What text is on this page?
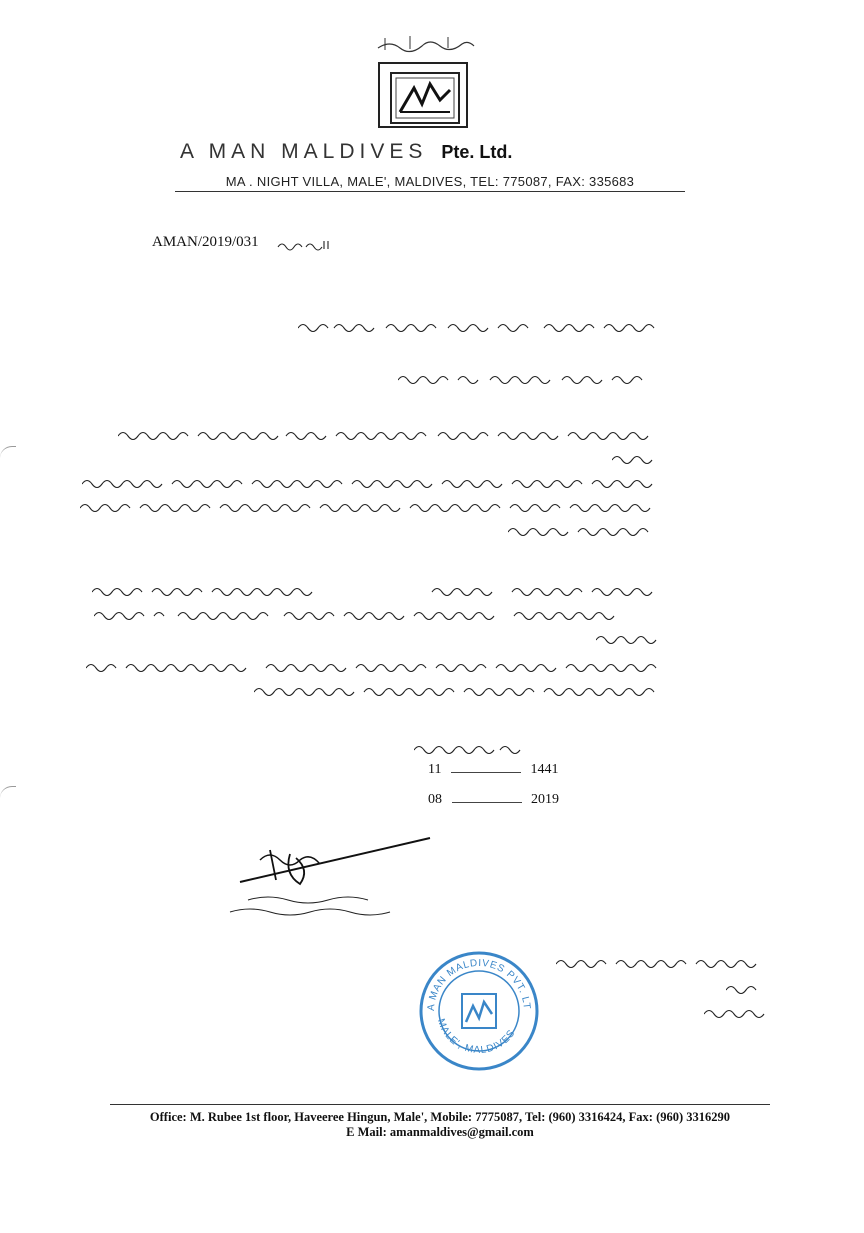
A MAN MALDIVES Pte. Ltd.
MA . NIGHT VILLA, MALE', MALDIVES, TEL: 775087, FAX: 335683
AMAN/2019/031
11	1441
08	2019
A MAN MALDIVES PVT. LT
MALE', MALDIVES
Office: M. Rubee 1st floor, Haveeree Hingun, Male', Mobile: 7775087, Tel: (960) 3316424, Fax: (960) 3316290
E Mail: amanmaldives@gmail.com
